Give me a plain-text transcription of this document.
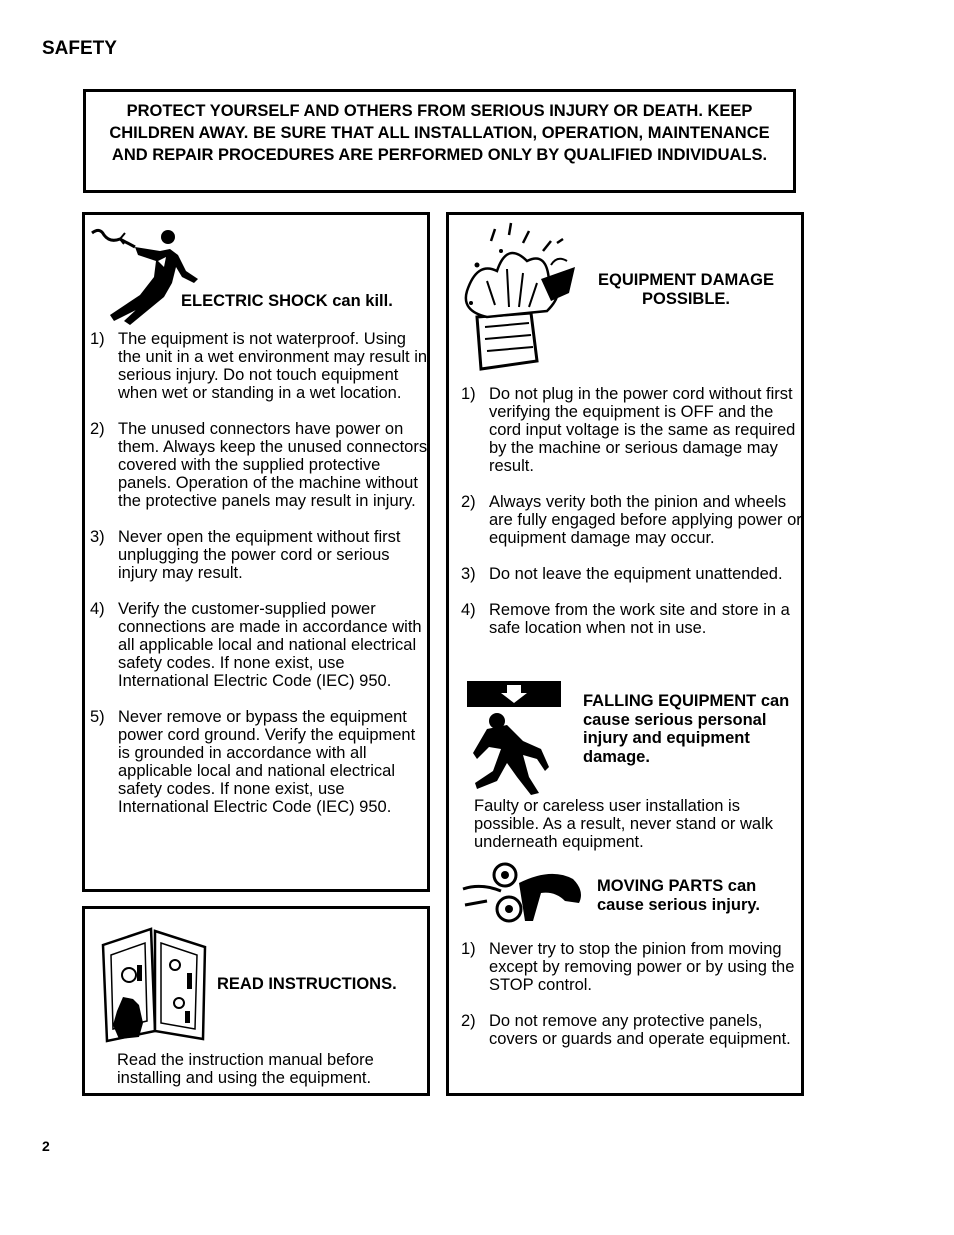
SAFETY
PROTECT YOURSELF AND OTHERS FROM SERIOUS INJURY OR DEATH. KEEP CHILDREN AWAY. BE SURE THAT ALL INSTALLATION, OPERATION, MAINTENANCE AND REPAIR PROCEDURES ARE PERFORMED ONLY BY QUALIFIED INDIVIDUALS.
ELECTRIC SHOCK can kill.
1) The equipment is not waterproof. Using the unit in a wet environment may result in serious injury. Do not touch equipment when wet or standing in a wet location.
2) The unused connectors have power on them. Always keep the unused connectors covered with the supplied protective panels. Operation of the machine without the protective panels may result in injury.
3) Never open the equipment without first unplugging the power cord or serious injury may result.
4) Verify the customer-supplied power connections are made in accordance with all applicable local and national electrical safety codes. If none exist, use International Electric Code (IEC) 950.
5) Never remove or bypass the equipment power cord ground. Verify the equipment is grounded in accordance with all applicable local and national electrical safety codes. If none exist, use International Electric Code (IEC) 950.
READ INSTRUCTIONS.
Read the instruction manual before installing and using the equipment.
EQUIPMENT DAMAGE POSSIBLE.
1) Do not plug in the power cord without first verifying the equipment is OFF and the cord input voltage is the same as required by the machine or serious damage may result.
2) Always verity both the pinion and wheels are fully engaged before applying power or equipment damage may occur.
3) Do not leave the equipment unattended.
4) Remove from the work site and store in a safe location when not in use.
FALLING EQUIPMENT can cause serious personal injury and equipment damage.
Faulty or careless user installation is possible. As a result, never stand or walk underneath equipment.
MOVING PARTS can cause serious injury.
1) Never try to stop the pinion from moving except by removing power or by using the STOP control.
2) Do not remove any protective panels, covers or guards and operate equipment.
2
